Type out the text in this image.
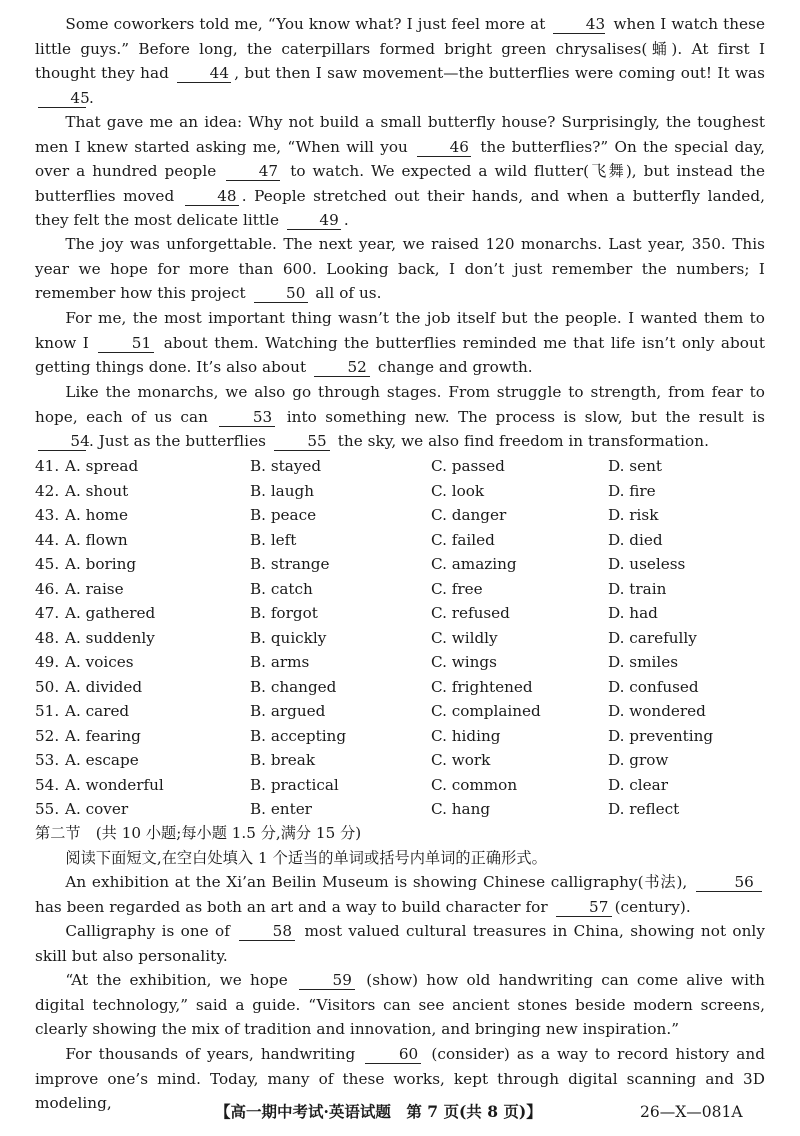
Some coworkers told me, “You know what? I just feel more at	43 when I watch these little guys.” Before long, the caterpillars formed bright green chrysalises(蛹). At first I thought they had	44 , but then I saw movement—the butterflies were coming out! It was 45.
That gave me an idea: Why not build a small butterfly house? Surprisingly, the toughest men I knew started asking me, “When will you	46 the butterflies?” On the special day, over a hundred people	47 to watch. We expected a wild flutter(飞舞), but instead the butterflies moved	48 . People stretched out their hands, and when a butterfly landed, they felt the most delicate little	49 .
The joy was unforgettable. The next year, we raised 120 monarchs. Last year, 350. This year we hope for more than 600. Looking back, I don’t just remember the numbers; I remember how this project	50 all of us.
For me, the most important thing wasn’t the job itself but the people. I wanted them to know I	51 about them. Watching the butterflies reminded me that life isn’t only about getting things done. It’s also about	52 change and growth.
Like the monarchs, we also go through stages. From struggle to strength, from fear to hope, each of us can	53 into something new. The process is slow, but the result is 54. Just as the butterflies	55 the sky, we also find freedom in transformation.
41. A. spread	B. stayed	C. passed	D. sent
42. A. shout	B. laugh	C. look	D. fire
43. A. home	B. peace	C. danger	D. risk
44. A. flown	B. left	C. failed	D. died
45. A. boring	B. strange	C. amazing	D. useless
46. A. raise	B. catch	C. free	D. train
47. A. gathered	B. forgot	C. refused	D. had
48. A. suddenly	B. quickly	C. wildly	D. carefully
49. A. voices	B. arms	C. wings	D. smiles
50. A. divided	B. changed	C. frightened	D. confused
51. A. cared	B. argued	C. complained	D. wondered
52. A. fearing	B. accepting	C. hiding	D. preventing
53. A. escape	B. break	C. work	D. grow
54. A. wonderful	B. practical	C. common	D. clear
55. A. cover	B. enter	C. hang	D. reflect
第二节　(共 10 小题;每小题 1.5 分,满分 15 分)
阅读下面短文,在空白处填入 1 个适当的单词或括号内单词的正确形式。
An exhibition at the Xi’an Beilin Museum is showing Chinese calligraphy(书法),	56 has been regarded as both an art and a way to build character for	57 (century).
Calligraphy is one of	58 most valued cultural treasures in China, showing not only skill but also personality.
“At the exhibition, we hope	59 (show) how old handwriting can come alive with digital technology,” said a guide. “Visitors can see ancient stones beside modern screens, clearly showing the mix of tradition and innovation, and bringing new inspiration.”
For thousands of years, handwriting	60 (consider) as a way to record history and improve one’s mind. Today, many of these works, kept through digital scanning and 3D modeling,	【高一期中考试·英语试题　第 7 页(共 8 页)】	26—X—081A
